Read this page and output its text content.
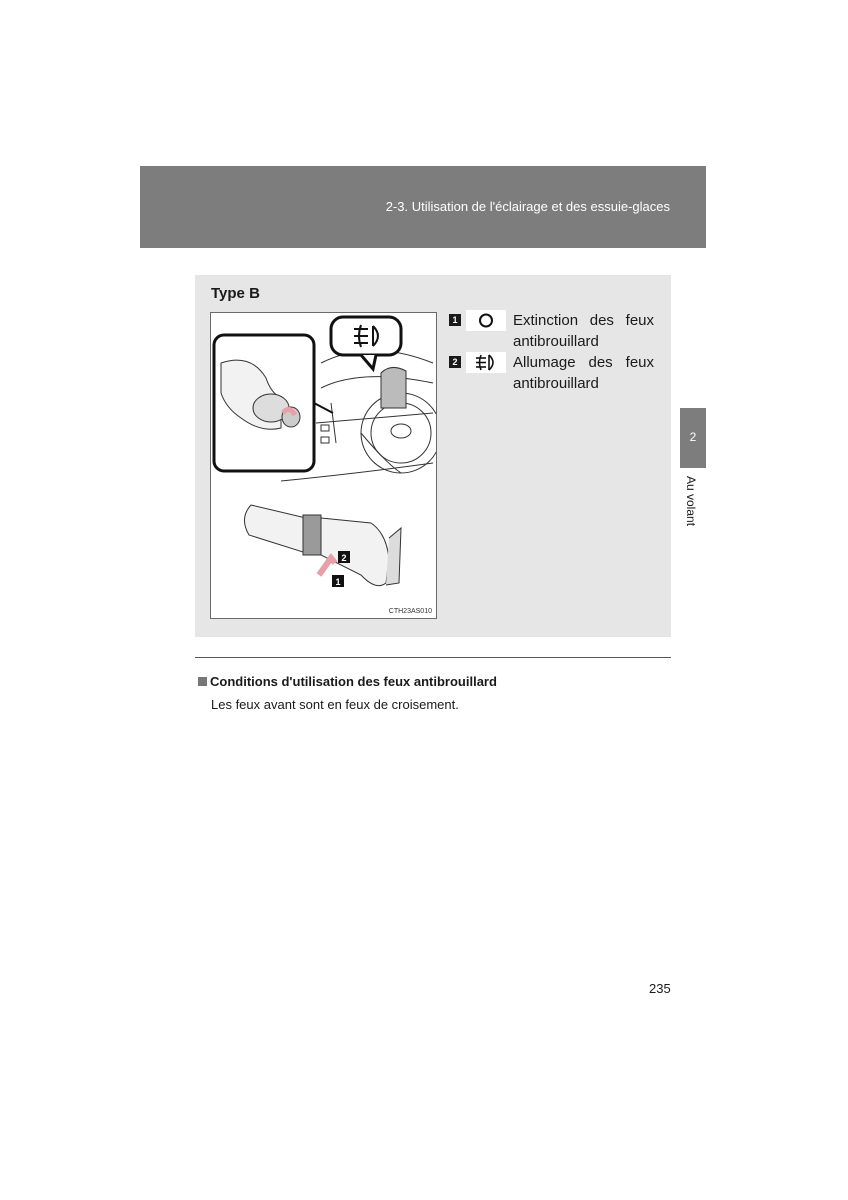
2-3. Utilisation de l'éclairage et des essuie-glaces
2
Au volant
Type B
2
1
CTH23AS010
1	Extinction des feux antibrouillard
2	Allumage des feux antibrouillard
Conditions d'utilisation des feux antibrouillard
Les feux avant sont en feux de croisement.
235
